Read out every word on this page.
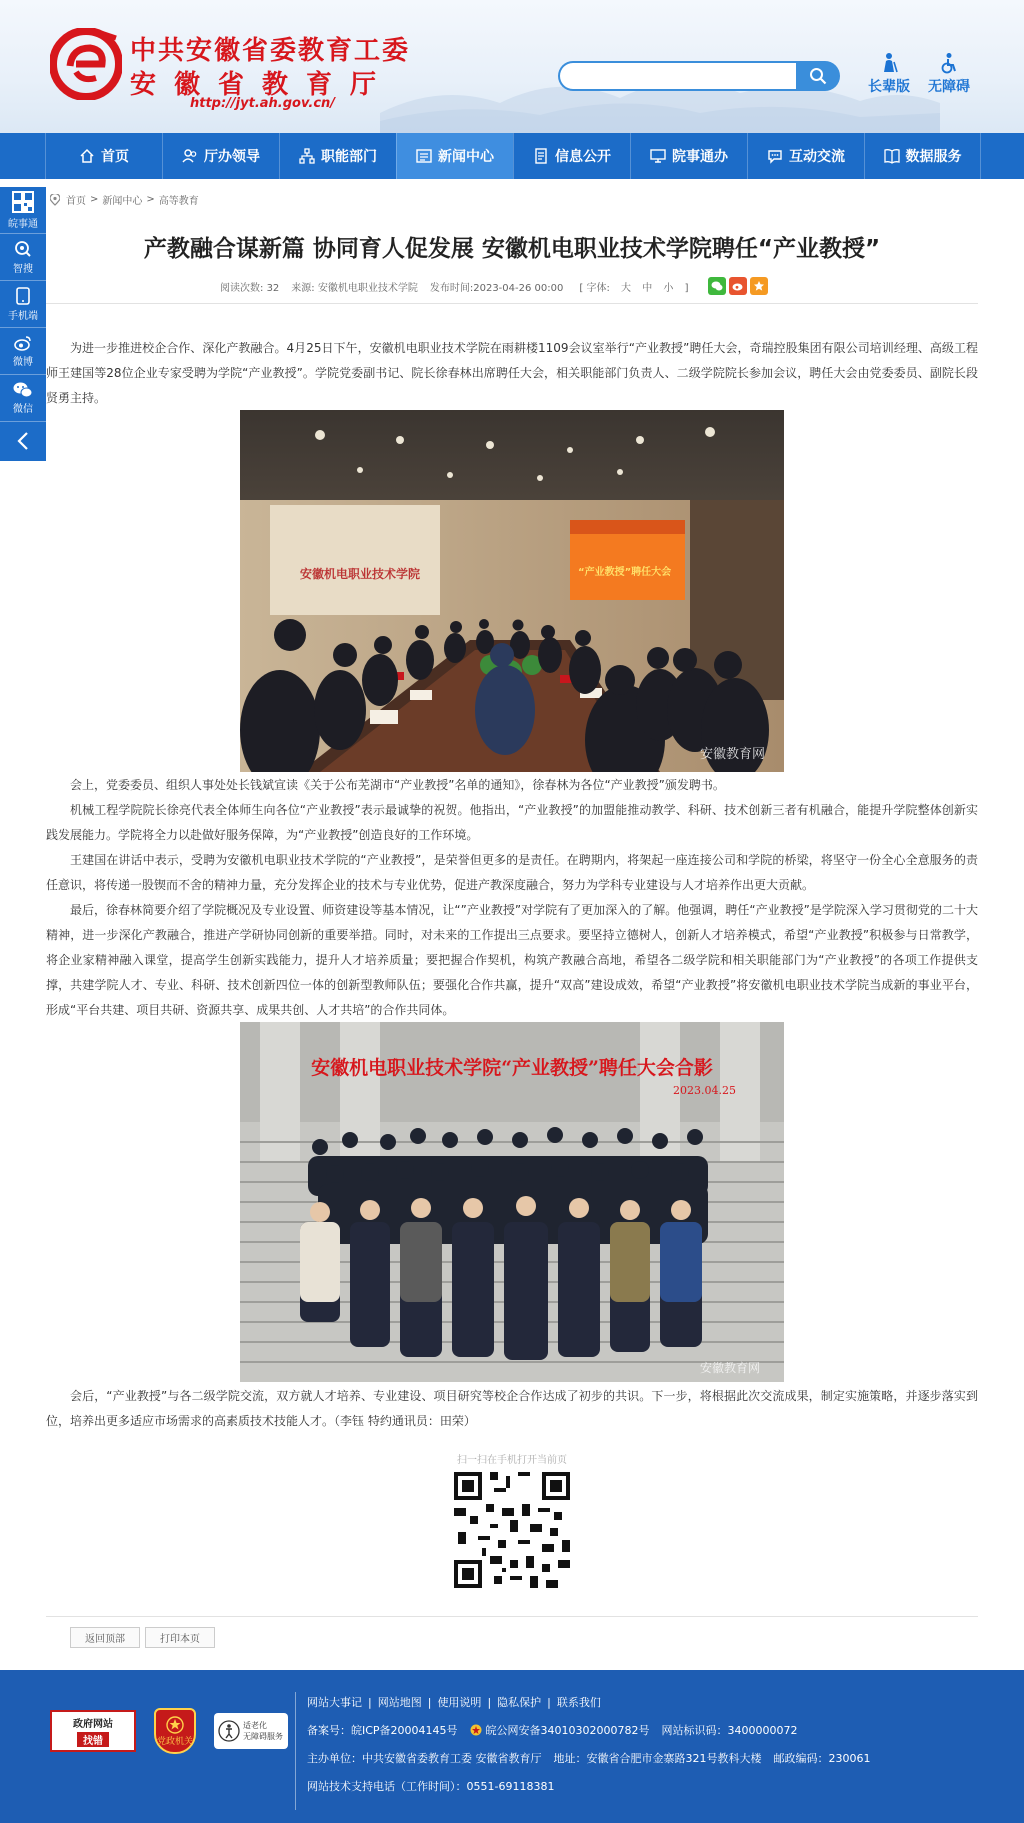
中共安徽省委教育工委
安徽省教育厅
http://jyt.ah.gov.cn/
长辈版 无障碍
首页	厅办领导	职能部门	新闻中心	信息公开	院事通办	互动交流	数据服务
皖事通
智搜
手机端
微博
微信
首页 > 新闻中心 > 高等教育
产教融合谋新篇 协同育人促发展 安徽机电职业技术学院聘任“产业教授”
阅读次数: 32 来源: 安徽机电职业技术学院 发布时间:2023-04-26 00:00	[ 字体: 大 中 小 ]

为进一步推进校企合作、深化产教融合。4月25日下午，安徽机电职业技术学院在雨耕楼1109会议室举行“产业教授”聘任大会，奇瑞控股集团有限公司培训经理、高级工程师王建国等28位企业专家受聘为学院“产业教授”。学院党委副书记、院长徐春林出席聘任大会，相关职能部门负责人、二级学院院长参加会议，聘任大会由党委委员、副院长段贤勇主持。

安徽机电职业技术学院	“产业教授”聘任大会
安徽教育网

会上，党委委员、组织人事处处长钱斌宣读《关于公布芜湖市“产业教授”名单的通知》，徐春林为各位“产业教授”颁发聘书。

机械工程学院院长徐亮代表全体师生向各位“产业教授”表示最诚挚的祝贺。他指出，“产业教授”的加盟能推动教学、科研、技术创新三者有机融合，能提升学院整体创新实践发展能力。学院将全力以赴做好服务保障，为“产业教授”创造良好的工作环境。

王建国在讲话中表示，受聘为安徽机电职业技术学院的“产业教授”，是荣誉但更多的是责任。在聘期内，将架起一座连接公司和学院的桥梁，将坚守一份全心全意服务的责任意识，将传递一股锲而不舍的精神力量，充分发挥企业的技术与专业优势，促进产教深度融合，努力为学科专业建设与人才培养作出更大贡献。

最后，徐春林简要介绍了学院概况及专业设置、师资建设等基本情况，让“”产业教授”对学院有了更加深入的了解。他强调，聘任“产业教授”是学院深入学习贯彻党的二十大精神，进一步深化产教融合，推进产学研协同创新的重要举措。同时，对未来的工作提出三点要求。要坚持立德树人，创新人才培养模式，希望“产业教授”积极参与日常教学，将企业家精神融入课堂，提高学生创新实践能力，提升人才培养质量；要把握合作契机，构筑产教融合高地，希望各二级学院和相关职能部门为“产业教授”的各项工作提供支撑，共建学院人才、专业、科研、技术创新四位一体的创新型教师队伍；要强化合作共赢，提升“双高”建设成效，希望“产业教授”将安徽机电职业技术学院当成新的事业平台，形成“平台共建、项目共研、资源共享、成果共创、人才共培”的合作共同体。

安徽机电职业技术学院“产业教授”聘任大会合影
2023.04.25
安徽教育网

会后，“产业教授”与各二级学院交流，双方就人才培养、专业建设、项目研究等校企合作达成了初步的共识。下一步，将根据此次交流成果，制定实施策略，并逐步落实到位，培养出更多适应市场需求的高素质技术技能人才。（李钰 特约通讯员：田荣）

扫一扫在手机打开当前页
返回顶部	打印本页
政府网站
找错	党政机关
适老化
无障碍服务
网站大事记 | 网站地图 | 使用说明 | 隐私保护 | 联系我们
备案号：皖ICP备20004145号	皖公网安备34010302000782号 网站标识码：3400000072
主办单位：中共安徽省委教育工委 安徽省教育厅 地址：安徽省合肥市金寨路321号教科大楼 邮政编码：230061
网站技术支持电话（工作时间）：0551-69118381
